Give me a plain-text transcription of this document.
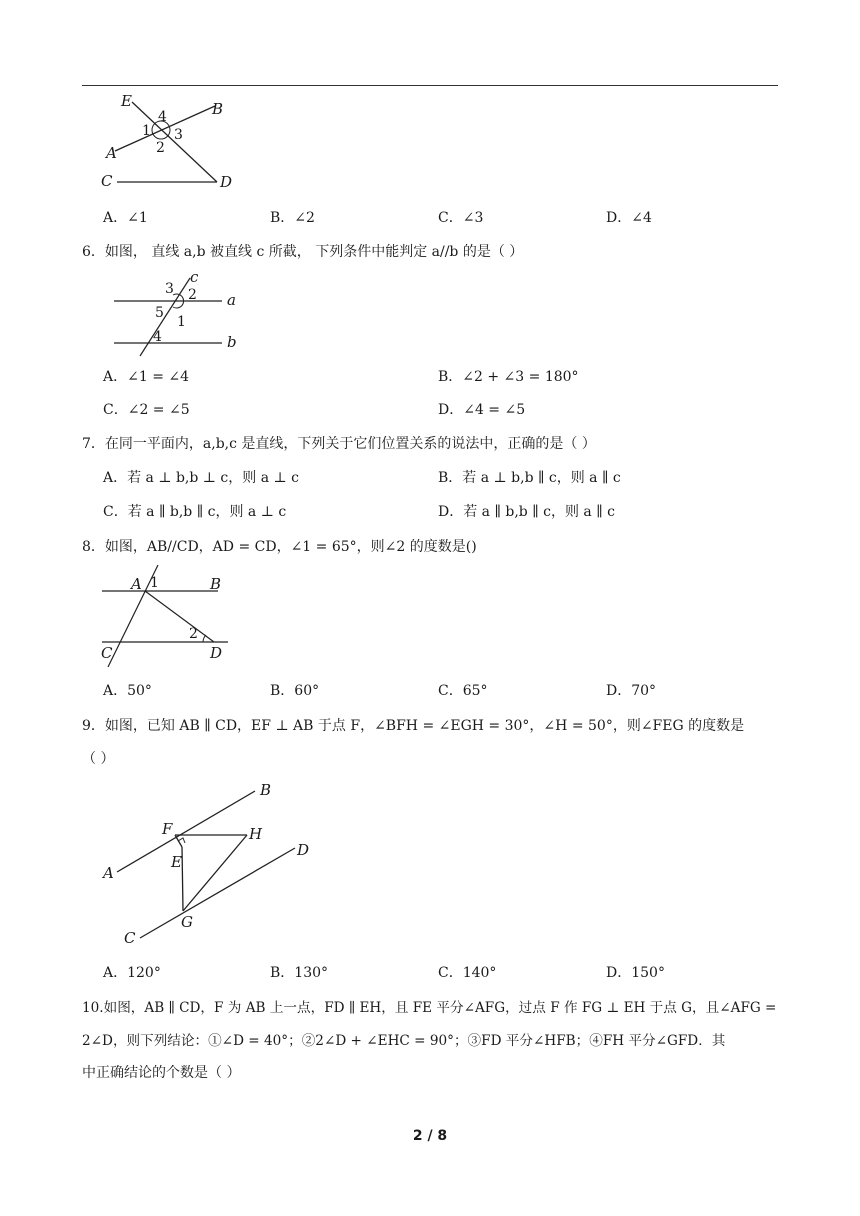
E	B
A
C	D
4
1 3
2
A．∠1	B．∠2	C．∠3	D．∠4
6．如图， 直线 a,b 被直线 c 所截， 下列条件中能判定 a//b 的是（ ）
c
a
b
3 2
5
1
4
A．∠1 = ∠4	B．∠2 + ∠3 = 180°
C．∠2 = ∠5	D．∠4 = ∠5
7．在同一平面内，a,b,c 是直线，下列关于它们位置关系的说法中，正确的是（ ）
A．若 a ⊥ b,b ⊥ c，则 a ⊥ c	B．若 a ⊥ b,b ∥ c，则 a ∥ c
C．若 a ∥ b,b ∥ c，则 a ⊥ c	D．若 a ∥ b,b ∥ c，则 a ∥ c
8．如图，AB//CD，AD = CD，∠1 = 65°，则∠2 的度数是()
A 1	B
2
C	D
A．50°	B．60°	C．65°	D．70°
9．如图，已知 AB ∥ CD，EF ⊥ AB 于点 F，∠BFH = ∠EGH = 30°，∠H = 50°，则∠FEG 的度数是
（ ）
B
F	H
D
E
A
G
C
A．120°	B．130°	C．140°	D．150°
10.如图，AB ∥ CD，F 为 AB 上一点，FD ∥ EH，且 FE 平分∠AFG，过点 F 作 FG ⊥ EH 于点 G，且∠AFG =
2∠D，则下列结论：①∠D = 40°；②2∠D + ∠EHC = 90°；③FD 平分∠HFB；④FH 平分∠GFD．其
中正确结论的个数是（ ）
2 / 8
